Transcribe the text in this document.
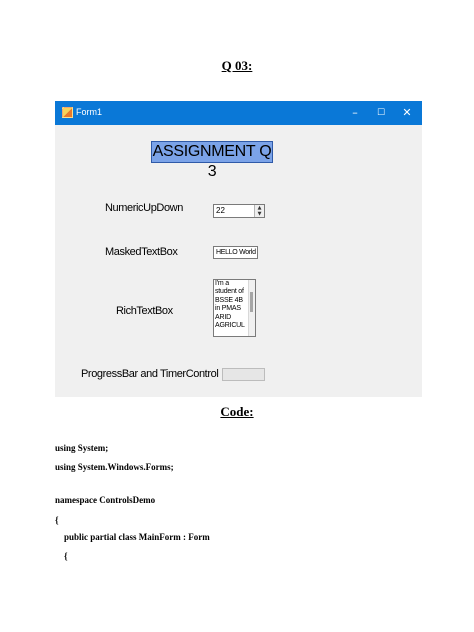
Q 03:
Form1	–	☐	✕
ASSIGNMENT Q 3
NumericUpDown	22	▲
▼
MaskedTextBox	HELLO World
RichTextBox
I'm a
student of
BSSE 4B
in PMAS
ARID
AGRICUL
ProgressBar and TimerControl
Code:
using System;
using System.Windows.Forms;
namespace ControlsDemo
{
public partial class MainForm : Form
{
